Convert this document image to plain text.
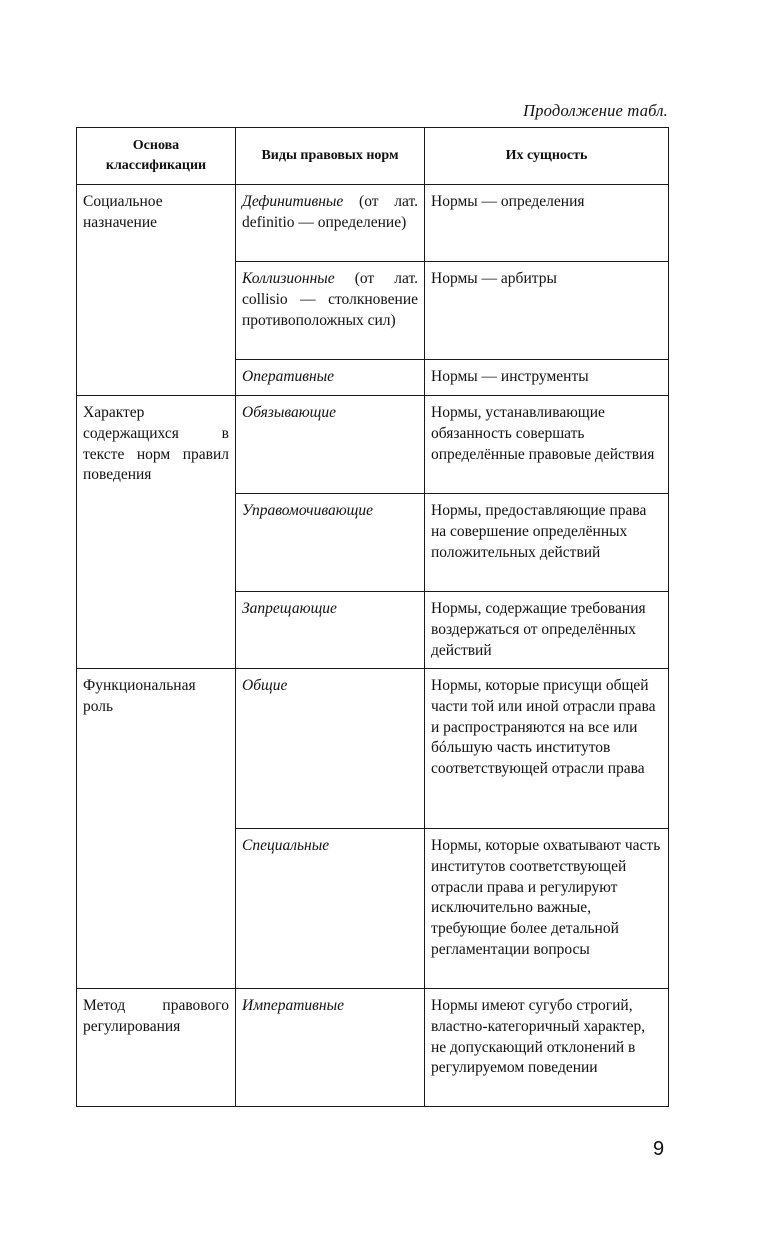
Продолжение табл.
Основа классификации	Виды правовых норм	Их сущность
Социальное назначение	Дефинитивные (от лат. definitio — определение)	Нормы — определения
	Коллизионные (от лат. collisio — столкновение противоположных сил)	Нормы — арбитры
	Оперативные	Нормы — инструменты
Характер содержащихся в тексте норм правил поведения	Обязывающие	Нормы, устанавливающие обязанность совершать определённые правовые действия
	Управомочивающие	Нормы, предоставляющие права на совершение определённых положительных действий
	Запрещающие	Нормы, содержащие требования воздержаться от определённых действий
Функциональная роль	Общие	Нормы, которые присущи общей части той или иной отрасли права и распространяются на все или бóльшую часть институтов соответствующей отрасли права
	Специальные	Нормы, которые охватывают часть институтов соответствующей отрасли права и регулируют исключительно важные, требующие более детальной регламентации вопросы
Метод правового регулирования	Императивные	Нормы имеют сугубо строгий, властно-категоричный характер, не допускающий отклонений в регулируемом поведении
9
